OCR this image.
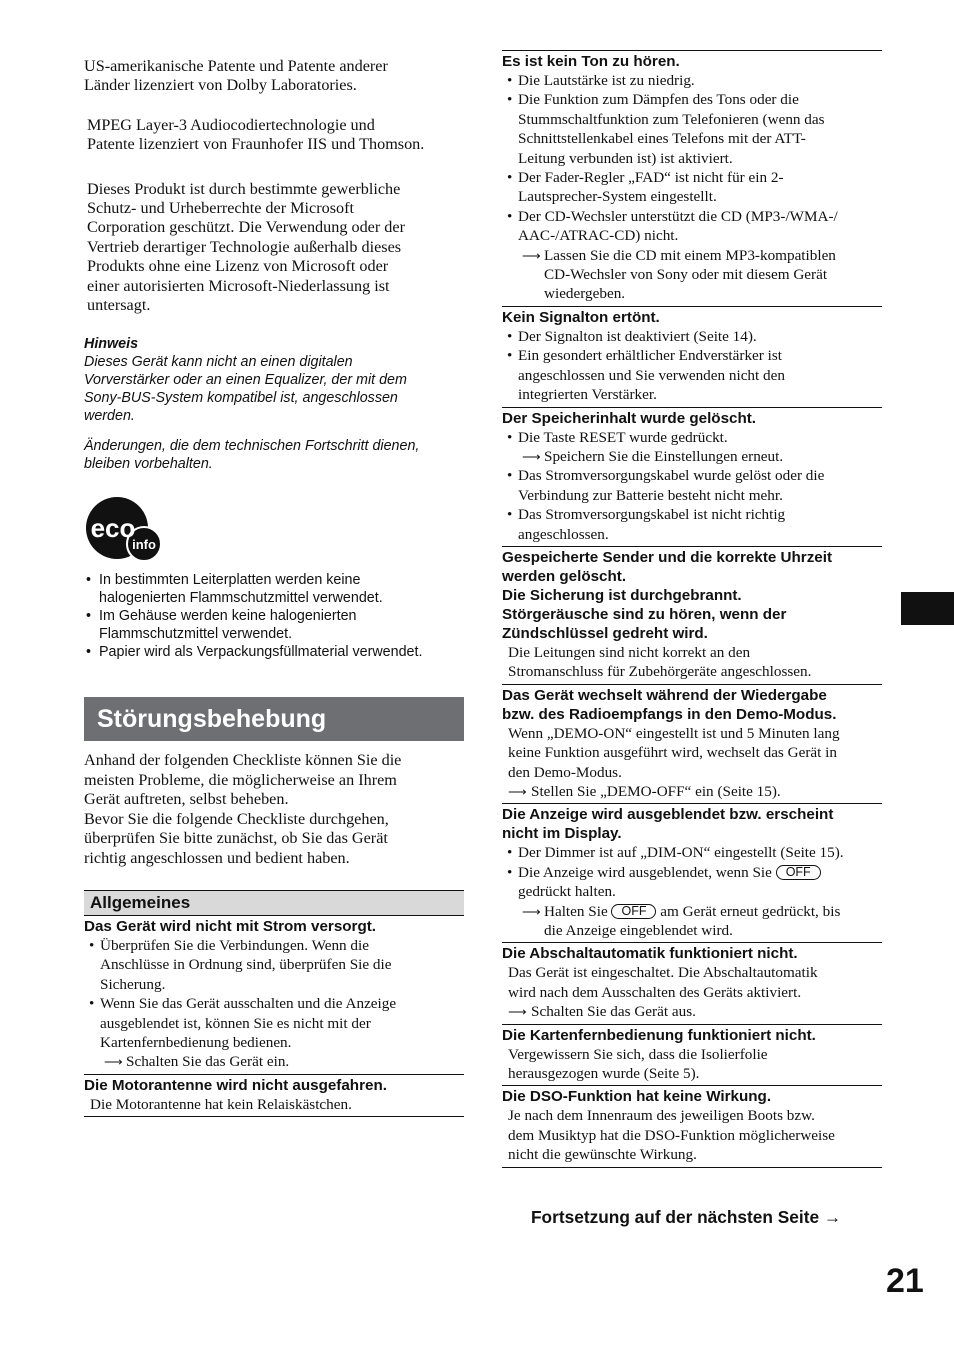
US-amerikanische Patente und Patente anderer
Länder lizenziert von Dolby Laboratories.

MPEG Layer-3 Audiocodiertechnologie und
Patente lizenziert von Fraunhofer IIS und Thomson.

Dieses Produkt ist durch bestimmte gewerbliche
Schutz- und Urheberrechte der Microsoft
Corporation geschützt. Die Verwendung oder der
Vertrieb derartiger Technologie außerhalb dieses
Produkts ohne eine Lizenz von Microsoft oder
einer autorisierten Microsoft-Niederlassung ist
untersagt.

Hinweis
Dieses Gerät kann nicht an einen digitalen
Vorverstärker oder an einen Equalizer, der mit dem
Sony-BUS-System kompatibel ist, angeschlossen
werden.
Änderungen, die dem technischen Fortschritt dienen,
bleiben vorbehalten.
eco
info
• In bestimmten Leiterplatten werden keine
halogenierten Flammschutzmittel verwendet.
• Im Gehäuse werden keine halogenierten
Flammschutzmittel verwendet.
• Papier wird als Verpackungsfüllmaterial verwendet.
Störungsbehebung
Anhand der folgenden Checkliste können Sie die
meisten Probleme, die möglicherweise an Ihrem
Gerät auftreten, selbst beheben.
Bevor Sie die folgende Checkliste durchgehen,
überprüfen Sie bitte zunächst, ob Sie das Gerät
richtig angeschlossen und bedient haben.
Allgemeines
Das Gerät wird nicht mit Strom versorgt.
• Überprüfen Sie die Verbindungen. Wenn die
Anschlüsse in Ordnung sind, überprüfen Sie die
Sicherung.
• Wenn Sie das Gerät ausschalten und die Anzeige
ausgeblendet ist, können Sie es nicht mit der
Kartenfernbedienung bedienen.
⟶ Schalten Sie das Gerät ein.
Die Motorantenne wird nicht ausgefahren.
Die Motorantenne hat kein Relaiskästchen.
Es ist kein Ton zu hören.
• Die Lautstärke ist zu niedrig.
• Die Funktion zum Dämpfen des Tons oder die
Stummschaltfunktion zum Telefonieren (wenn das
Schnittstellenkabel eines Telefons mit der ATT-
Leitung verbunden ist) ist aktiviert.
• Der Fader-Regler „FAD“ ist nicht für ein 2-
Lautsprecher-System eingestellt.
• Der CD-Wechsler unterstützt die CD (MP3-/WMA-/
AAC-/ATRAC-CD) nicht.
⟶ Lassen Sie die CD mit einem MP3-kompatiblen
CD-Wechsler von Sony oder mit diesem Gerät
wiedergeben.
Kein Signalton ertönt.
• Der Signalton ist deaktiviert (Seite 14).
• Ein gesondert erhältlicher Endverstärker ist
angeschlossen und Sie verwenden nicht den
integrierten Verstärker.
Der Speicherinhalt wurde gelöscht.
• Die Taste RESET wurde gedrückt.
⟶ Speichern Sie die Einstellungen erneut.
• Das Stromversorgungskabel wurde gelöst oder die
Verbindung zur Batterie besteht nicht mehr.
• Das Stromversorgungskabel ist nicht richtig
angeschlossen.
Gespeicherte Sender und die korrekte Uhrzeit
werden gelöscht.
Die Sicherung ist durchgebrannt.
Störgeräusche sind zu hören, wenn der
Zündschlüssel gedreht wird.
Die Leitungen sind nicht korrekt an den
Stromanschluss für Zubehörgeräte angeschlossen.
Das Gerät wechselt während der Wiedergabe
bzw. des Radioempfangs in den Demo-Modus.
Wenn „DEMO-ON“ eingestellt ist und 5 Minuten lang
keine Funktion ausgeführt wird, wechselt das Gerät in
den Demo-Modus.
⟶ Stellen Sie „DEMO-OFF“ ein (Seite 15).
Die Anzeige wird ausgeblendet bzw. erscheint
nicht im Display.
• Der Dimmer ist auf „DIM-ON“ eingestellt (Seite 15).
• Die Anzeige wird ausgeblendet, wenn Sie OFF
gedrückt halten.
⟶ Halten Sie OFF am Gerät erneut gedrückt, bis
die Anzeige eingeblendet wird.
Die Abschaltautomatik funktioniert nicht.
Das Gerät ist eingeschaltet. Die Abschaltautomatik
wird nach dem Ausschalten des Geräts aktiviert.
⟶ Schalten Sie das Gerät aus.
Die Kartenfernbedienung funktioniert nicht.
Vergewissern Sie sich, dass die Isolierfolie
herausgezogen wurde (Seite 5).
Die DSO-Funktion hat keine Wirkung.
Je nach dem Innenraum des jeweiligen Boots bzw.
dem Musiktyp hat die DSO-Funktion möglicherweise
nicht die gewünschte Wirkung.
Fortsetzung auf der nächsten Seite →
21
